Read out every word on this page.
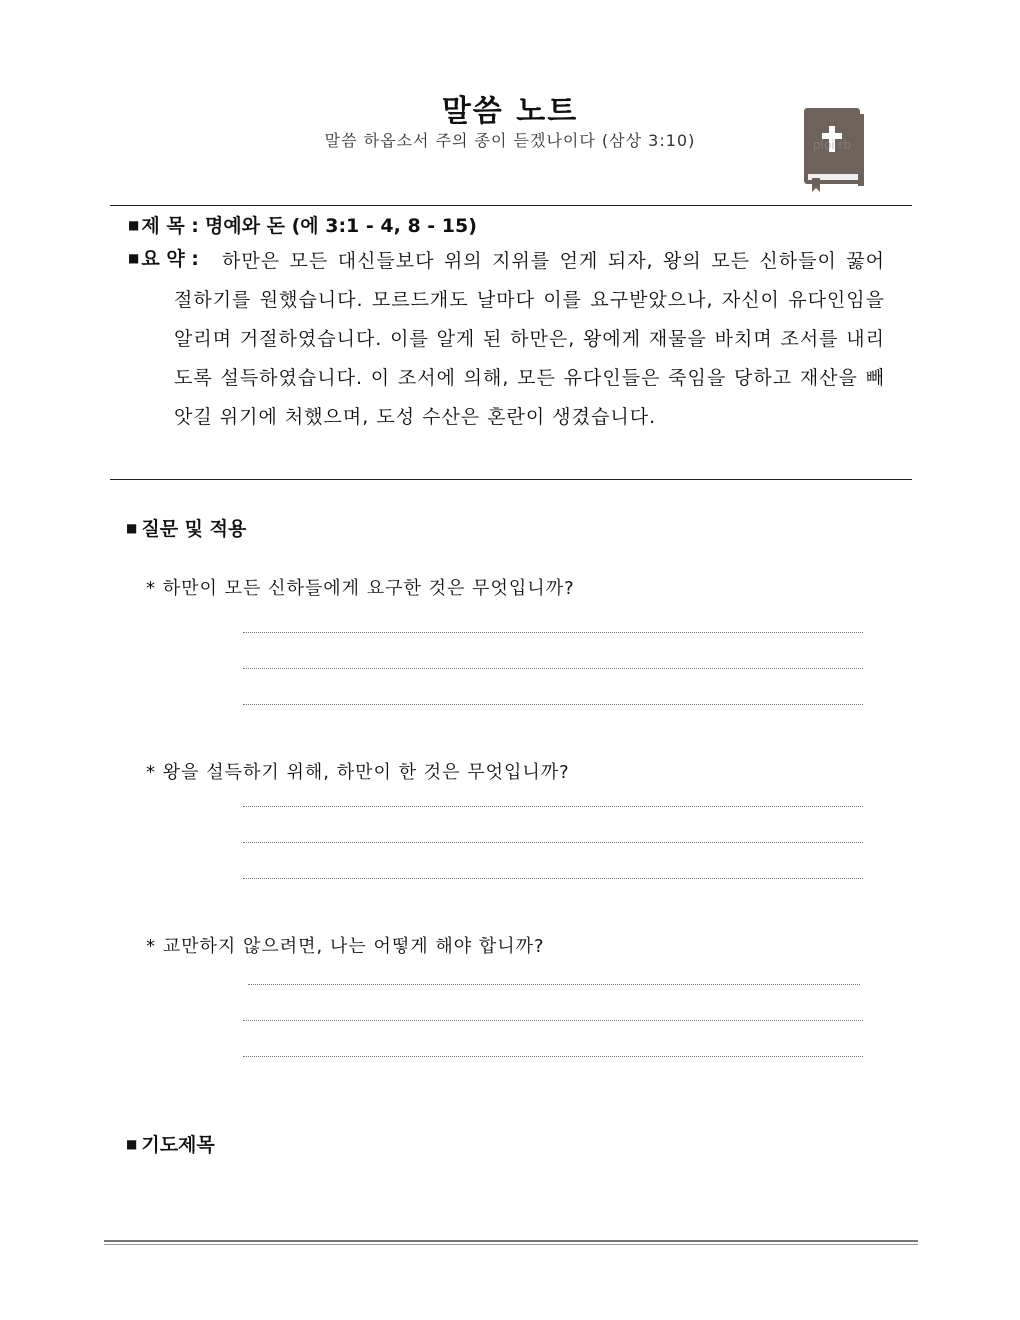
말씀 노트
말씀 하옵소서 주의 종이 듣겠나이다 (삼상 3:10)	ploi rb
■ 제 목 : 명예와 돈 (에 3:1 - 4, 8 - 15)
■ 요 약 :	하만은 모든 대신들보다 위의 지위를 얻게 되자, 왕의 모든 신하들이 꿇어 절하기를 원했습니다. 모르드개도 날마다 이를 요구받았으나, 자신이 유다인임을 알리며 거절하였습니다. 이를 알게 된 하만은, 왕에게 재물을 바치며 조서를 내리도록 설득하였습니다. 이 조서에 의해, 모든 유다인들은 죽임을 당하고 재산을 빼앗길 위기에 처했으며, 도성 수산은 혼란이 생겼습니다.
■ 질문 및 적용
* 하만이 모든 신하들에게 요구한 것은 무엇입니까?
* 왕을 설득하기 위해, 하만이 한 것은 무엇입니까?
* 교만하지 않으려면, 나는 어떻게 해야 합니까?
■ 기도제목
